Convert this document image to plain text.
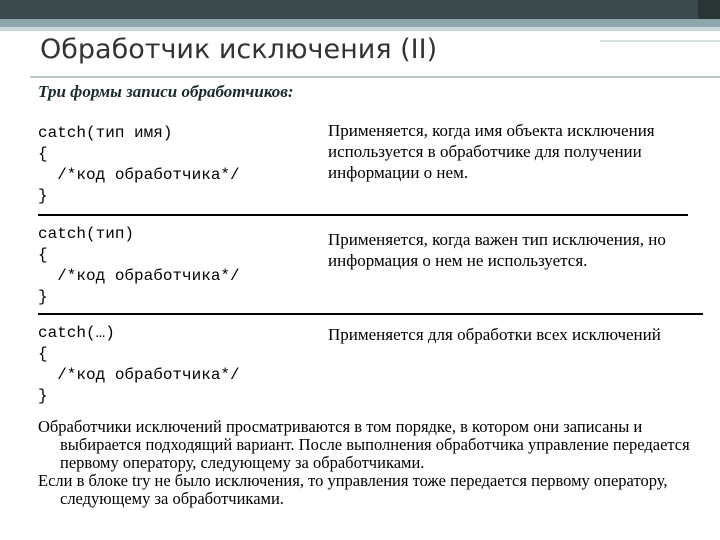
Обработчик исключения (II)
Три формы записи обработчиков:
catch(тип имя)
{
/*код обработчика*/
}
Применяется, когда имя объекта исключения используется в обработчике для получении информации о нем.
catch(тип)
{
/*код обработчика*/
}
Применяется, когда важен тип исключения, но информация о нем не используется.
catch(…)
{
/*код обработчика*/
}
Применяется для обработки всех исключений

Обработчики исключений просматриваются в том порядке, в котором они записаны и выбирается подходящий вариант. После выполнения обработчика управление передается первому оператору, следующему за обработчиками.

Если в блоке try не было исключения, то управления тоже передается первому оператору, следующему за обработчиками.
